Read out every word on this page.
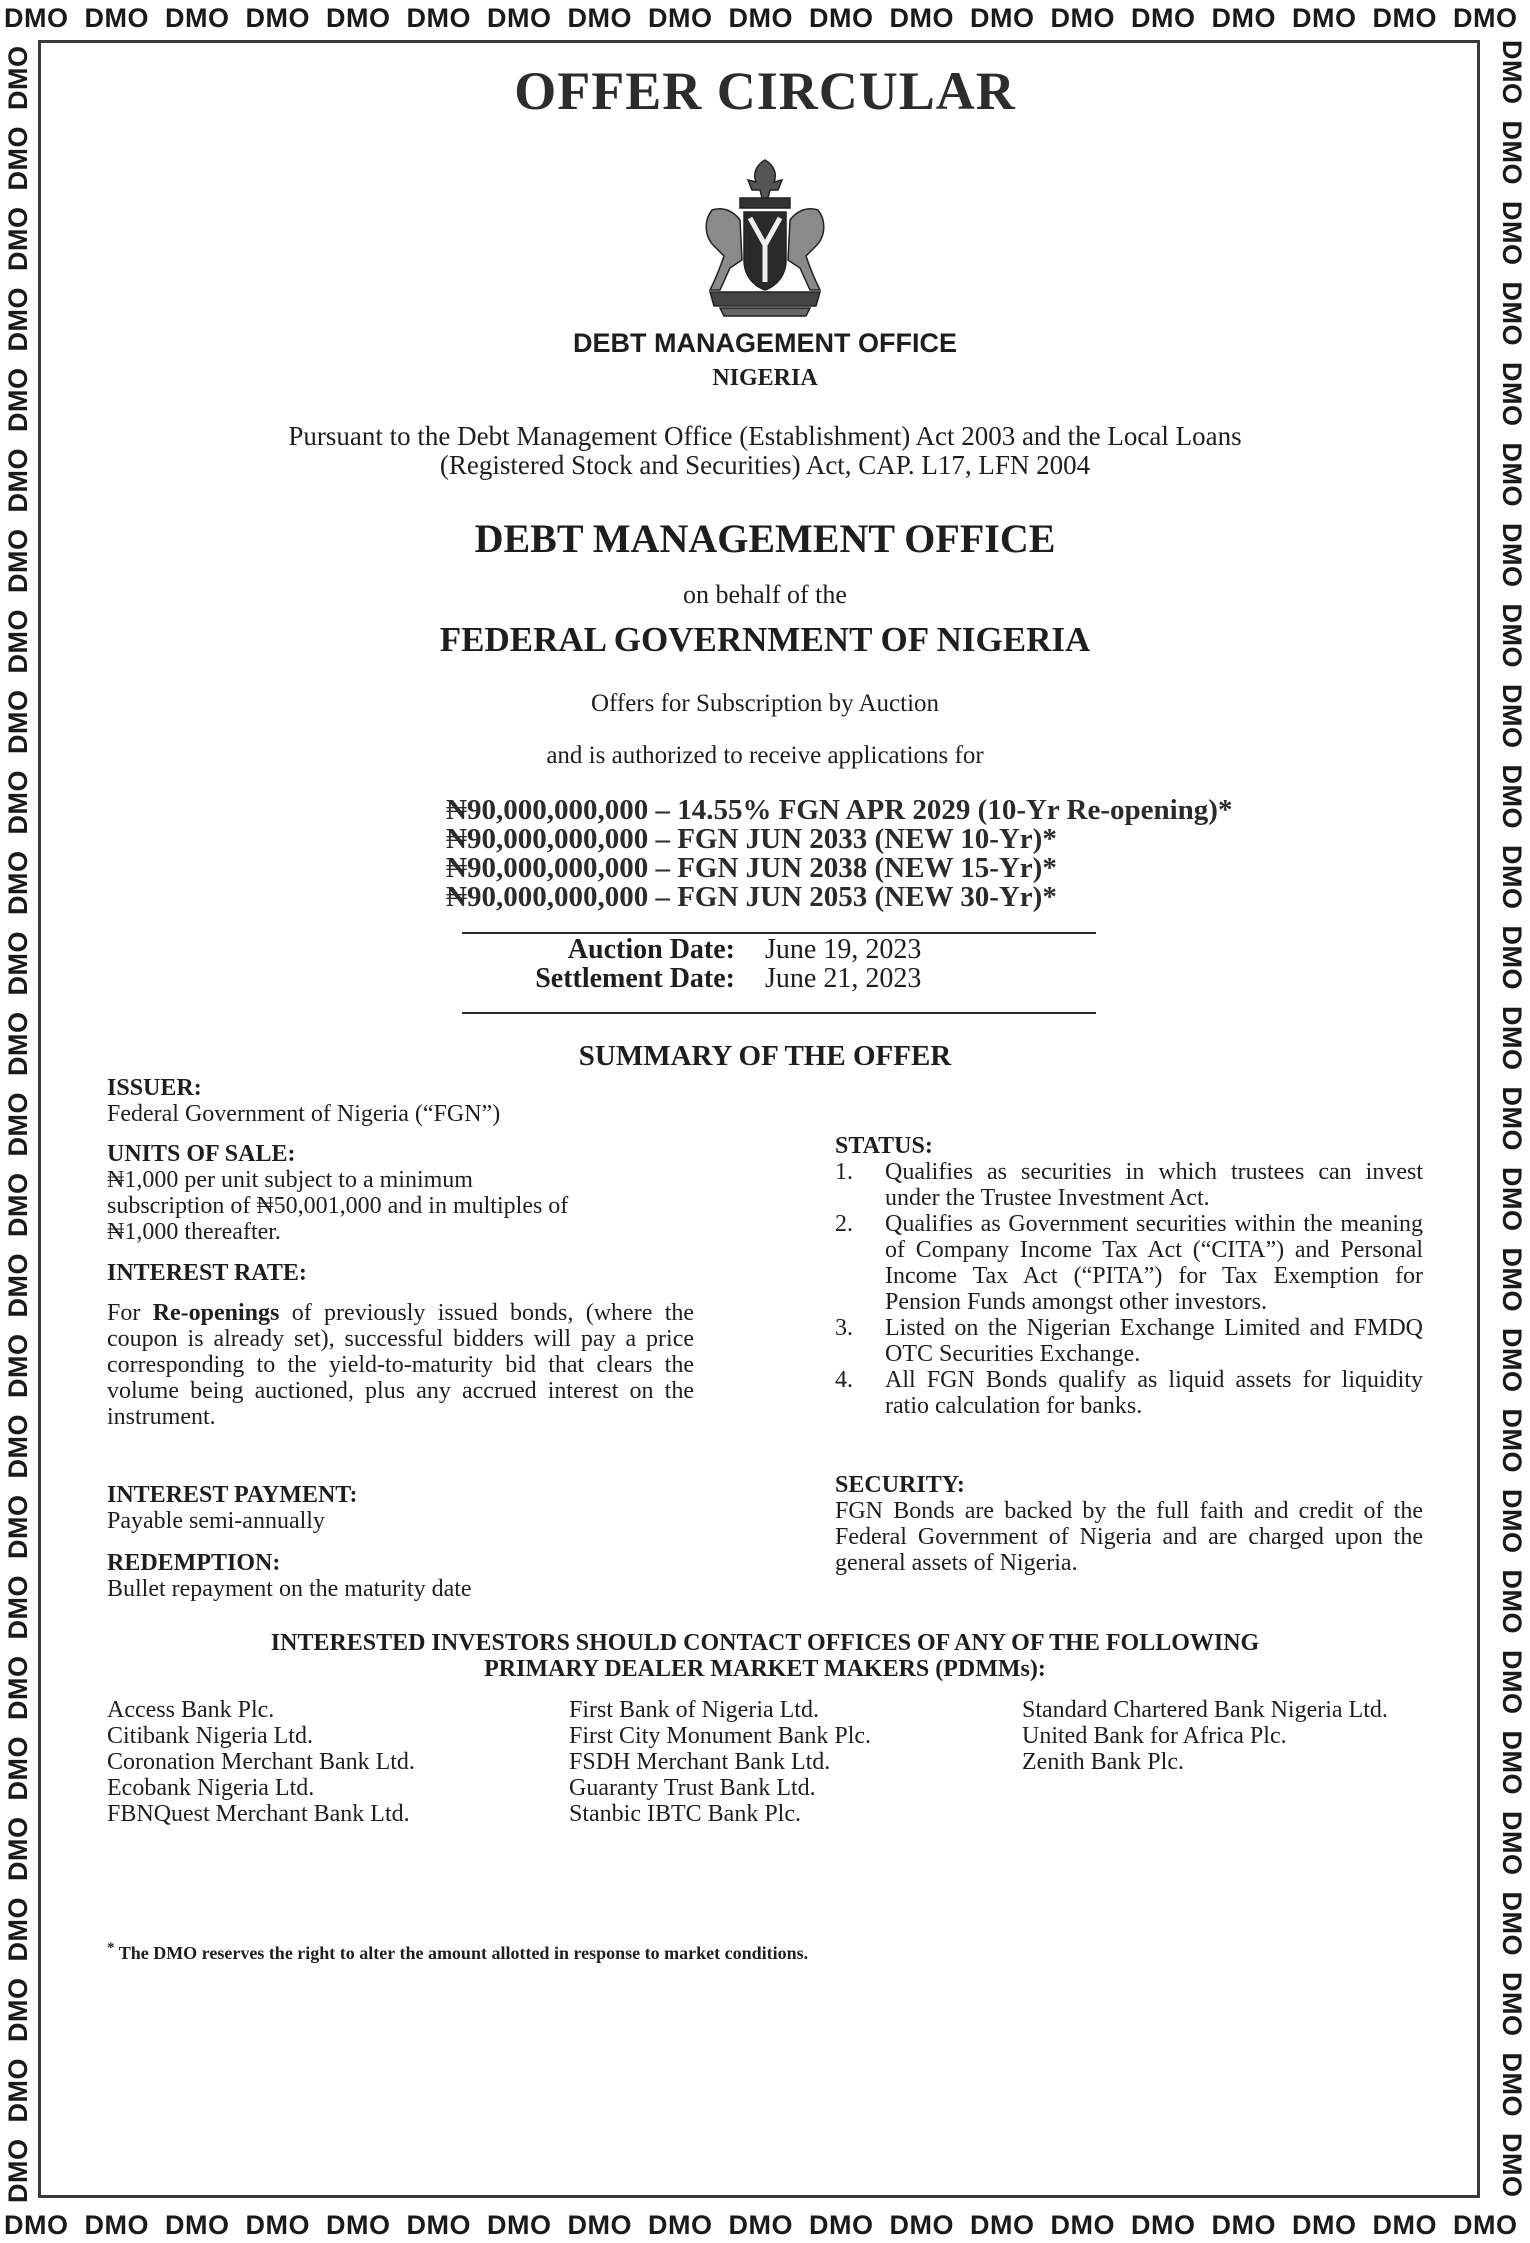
DMO DMO DMO DMO DMO DMO DMO DMO DMO DMO DMO DMO DMO DMO DMO DMO DMO DMO DMO
DMO DMO DMO DMO DMO DMO DMO DMO DMO DMO DMO DMO DMO DMO DMO DMO DMO DMO DMO
DMO
DMO
DMO
DMO
DMO
DMO
DMO
DMO
DMO
DMO
DMO
DMO
DMO
DMO
DMO
DMO
DMO
DMO
DMO
DMO
DMO
DMO
DMO
DMO
DMO
DMO
DMO	DMO
DMO
DMO
DMO
DMO
DMO
DMO
DMO
DMO
DMO
DMO
DMO
DMO
DMO
DMO
DMO
DMO
DMO
DMO
DMO
DMO
DMO
DMO
DMO
DMO
DMO
DMO
OFFER CIRCULAR
DEBT MANAGEMENT OFFICE
NIGERIA
Pursuant to the Debt Management Office (Establishment) Act 2003 and the Local Loans
(Registered Stock and Securities) Act, CAP. L17, LFN 2004
DEBT MANAGEMENT OFFICE
on behalf of the
FEDERAL GOVERNMENT OF NIGERIA
Offers for Subscription by Auction
and is authorized to receive applications for
₦90,000,000,000 – 14.55% FGN APR 2029 (10-Yr Re-opening)*
₦90,000,000,000 – FGN JUN 2033 (NEW 10-Yr)*
₦90,000,000,000 – FGN JUN 2038 (NEW 15-Yr)*
₦90,000,000,000 – FGN JUN 2053 (NEW 30-Yr)*
Auction Date: June 19, 2023
Settlement Date: June 21, 2023
SUMMARY OF THE OFFER
ISSUER:
Federal Government of Nigeria (“FGN”)
UNITS OF SALE:
₦1,000 per unit subject to a minimum
subscription of ₦50,001,000 and in multiples of
₦1,000 thereafter.
INTEREST RATE:
For Re-openings of previously issued bonds, (where the coupon is already set), successful bidders will pay a price corresponding to the yield-to-maturity bid that clears the volume being auctioned, plus any accrued interest on the instrument.
INTEREST PAYMENT:
Payable semi-annually
REDEMPTION:
Bullet repayment on the maturity date
STATUS:
1. Qualifies as securities in which trustees can invest under the Trustee Investment Act.
2. Qualifies as Government securities within the meaning of Company Income Tax Act (“CITA”) and Personal Income Tax Act (“PITA”) for Tax Exemption for Pension Funds amongst other investors.
3. Listed on the Nigerian Exchange Limited and FMDQ OTC Securities Exchange.
4. All FGN Bonds qualify as liquid assets for liquidity ratio calculation for banks.
SECURITY:
FGN Bonds are backed by the full faith and credit of the Federal Government of Nigeria and are charged upon the general assets of Nigeria.
INTERESTED INVESTORS SHOULD CONTACT OFFICES OF ANY OF THE FOLLOWING
PRIMARY DEALER MARKET MAKERS (PDMMs):
Access Bank Plc.
Citibank Nigeria Ltd.
Coronation Merchant Bank Ltd.
Ecobank Nigeria Ltd.
FBNQuest Merchant Bank Ltd.
First Bank of Nigeria Ltd.
First City Monument Bank Plc.
FSDH Merchant Bank Ltd.
Guaranty Trust Bank Ltd.
Stanbic IBTC Bank Plc.
Standard Chartered Bank Nigeria Ltd.
United Bank for Africa Plc.
Zenith Bank Plc.
* The DMO reserves the right to alter the amount allotted in response to market conditions.
